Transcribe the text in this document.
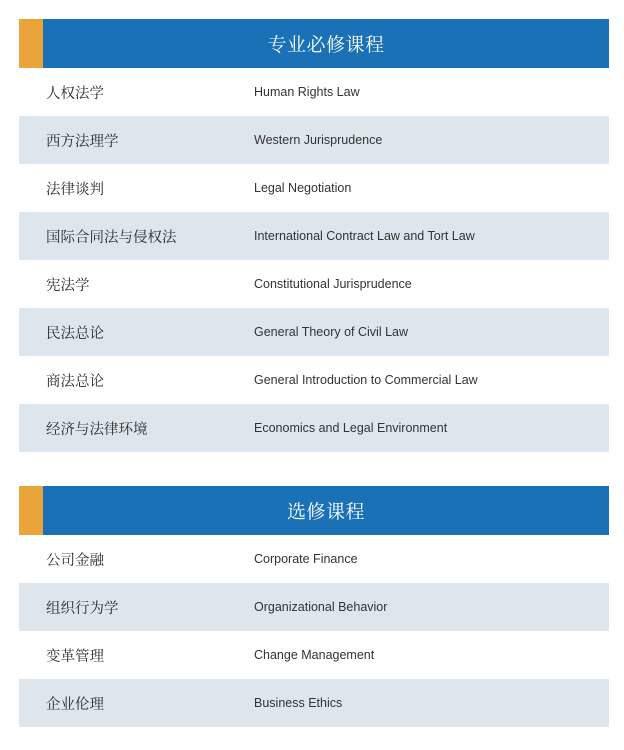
专业必修课程
人权法学	Human Rights Law
西方法理学	Western Jurisprudence
法律谈判	Legal Negotiation
国际合同法与侵权法	International Contract Law and Tort Law
宪法学	Constitutional Jurisprudence
民法总论	General Theory of Civil Law
商法总论	General Introduction to Commercial Law
经济与法律环境	Economics and Legal Environment
选修课程
公司金融	Corporate Finance
组织行为学	Organizational Behavior
变革管理	Change Management
企业伦理	Business Ethics
